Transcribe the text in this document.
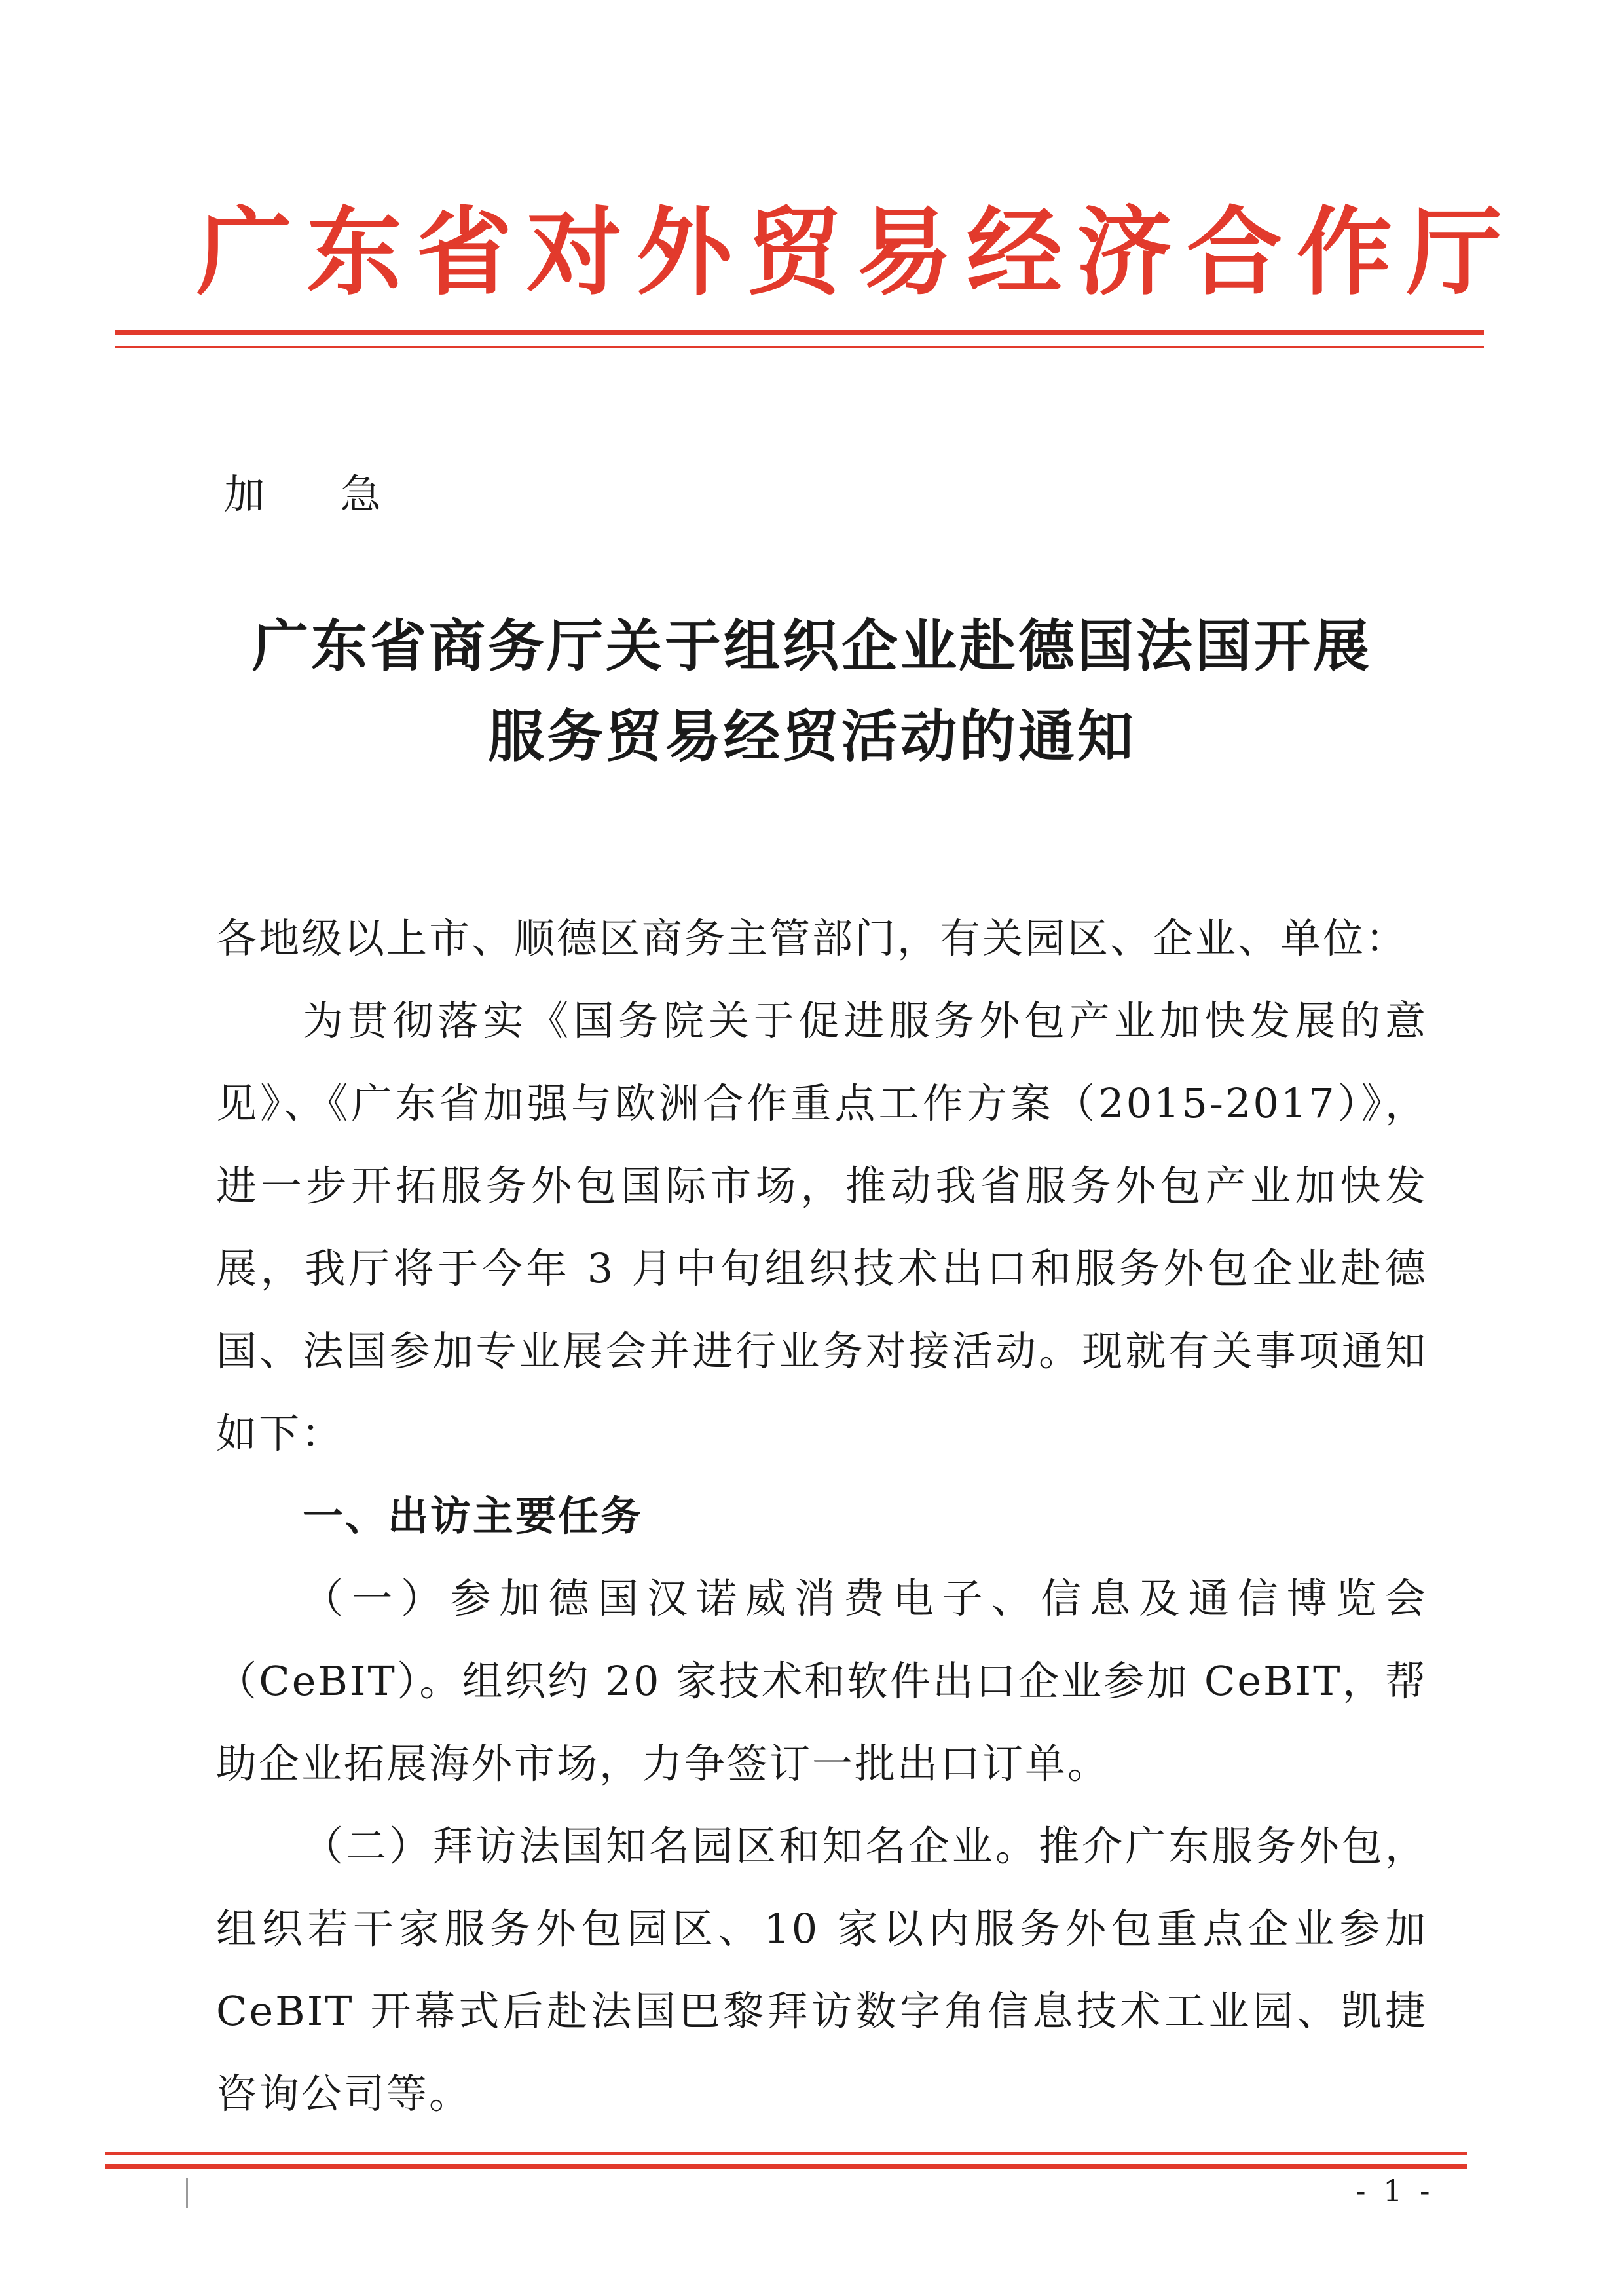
广东省对外贸易经济合作厅
加 急
广东省商务厅关于组织企业赴德国法国开展
服务贸易经贸活动的通知

各地级以上市、顺德区商务主管部门，有关园区、企业、单位：

为贯彻落实《国务院关于促进服务外包产业加快发展的意见》、《广东省加强与欧洲合作重点工作方案（2015-2017）》，进一步开拓服务外包国际市场，推动我省服务外包产业加快发展，我厅将于今年 3 月中旬组织技术出口和服务外包企业赴德国、法国参加专业展会并进行业务对接活动。现就有关事项通知如下：

一、出访主要任务

（一）参加德国汉诺威消费电子、信息及通信博览会（CeBIT）。组织约 20 家技术和软件出口企业参加 CeBIT，帮助企业拓展海外市场，力争签订一批出口订单。

（二）拜访法国知名园区和知名企业。推介广东服务外包，组织若干家服务外包园区、10 家以内服务外包重点企业参加 CeBIT 开幕式后赴法国巴黎拜访数字角信息技术工业园、凯捷咨询公司等。

- 1 -
